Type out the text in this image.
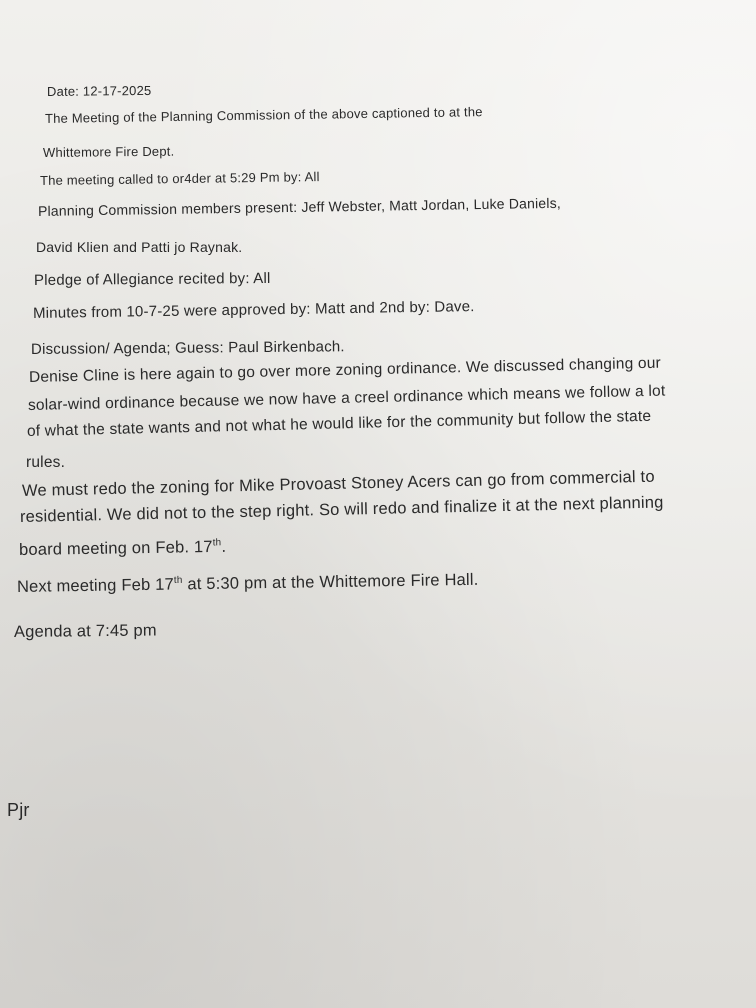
Date: 12-17-2025
The Meeting of the Planning Commission of the above captioned to at the
Whittemore Fire Dept.
The meeting called to or4der at 5:29 Pm by: All
Planning Commission members present: Jeff Webster, Matt Jordan, Luke Daniels,
David Klien and Patti jo Raynak.
Pledge of Allegiance recited by: All
Minutes from 10-7-25 were approved by: Matt and 2nd by: Dave.
Discussion/ Agenda; Guess: Paul Birkenbach.
Denise Cline is here again to go over more zoning ordinance. We discussed changing our
solar-wind ordinance because we now have a creel ordinance which means we follow a lot
of what the state wants and not what he would like for the community but follow the state
rules.
We must redo the zoning for Mike Provoast Stoney Acers can go from commercial to
residential. We did not to the step right. So will redo and finalize it at the next planning
board meeting on Feb. 17th.
Next meeting Feb 17th at 5:30 pm at the Whittemore Fire Hall.
Agenda at 7:45 pm
Pjr
